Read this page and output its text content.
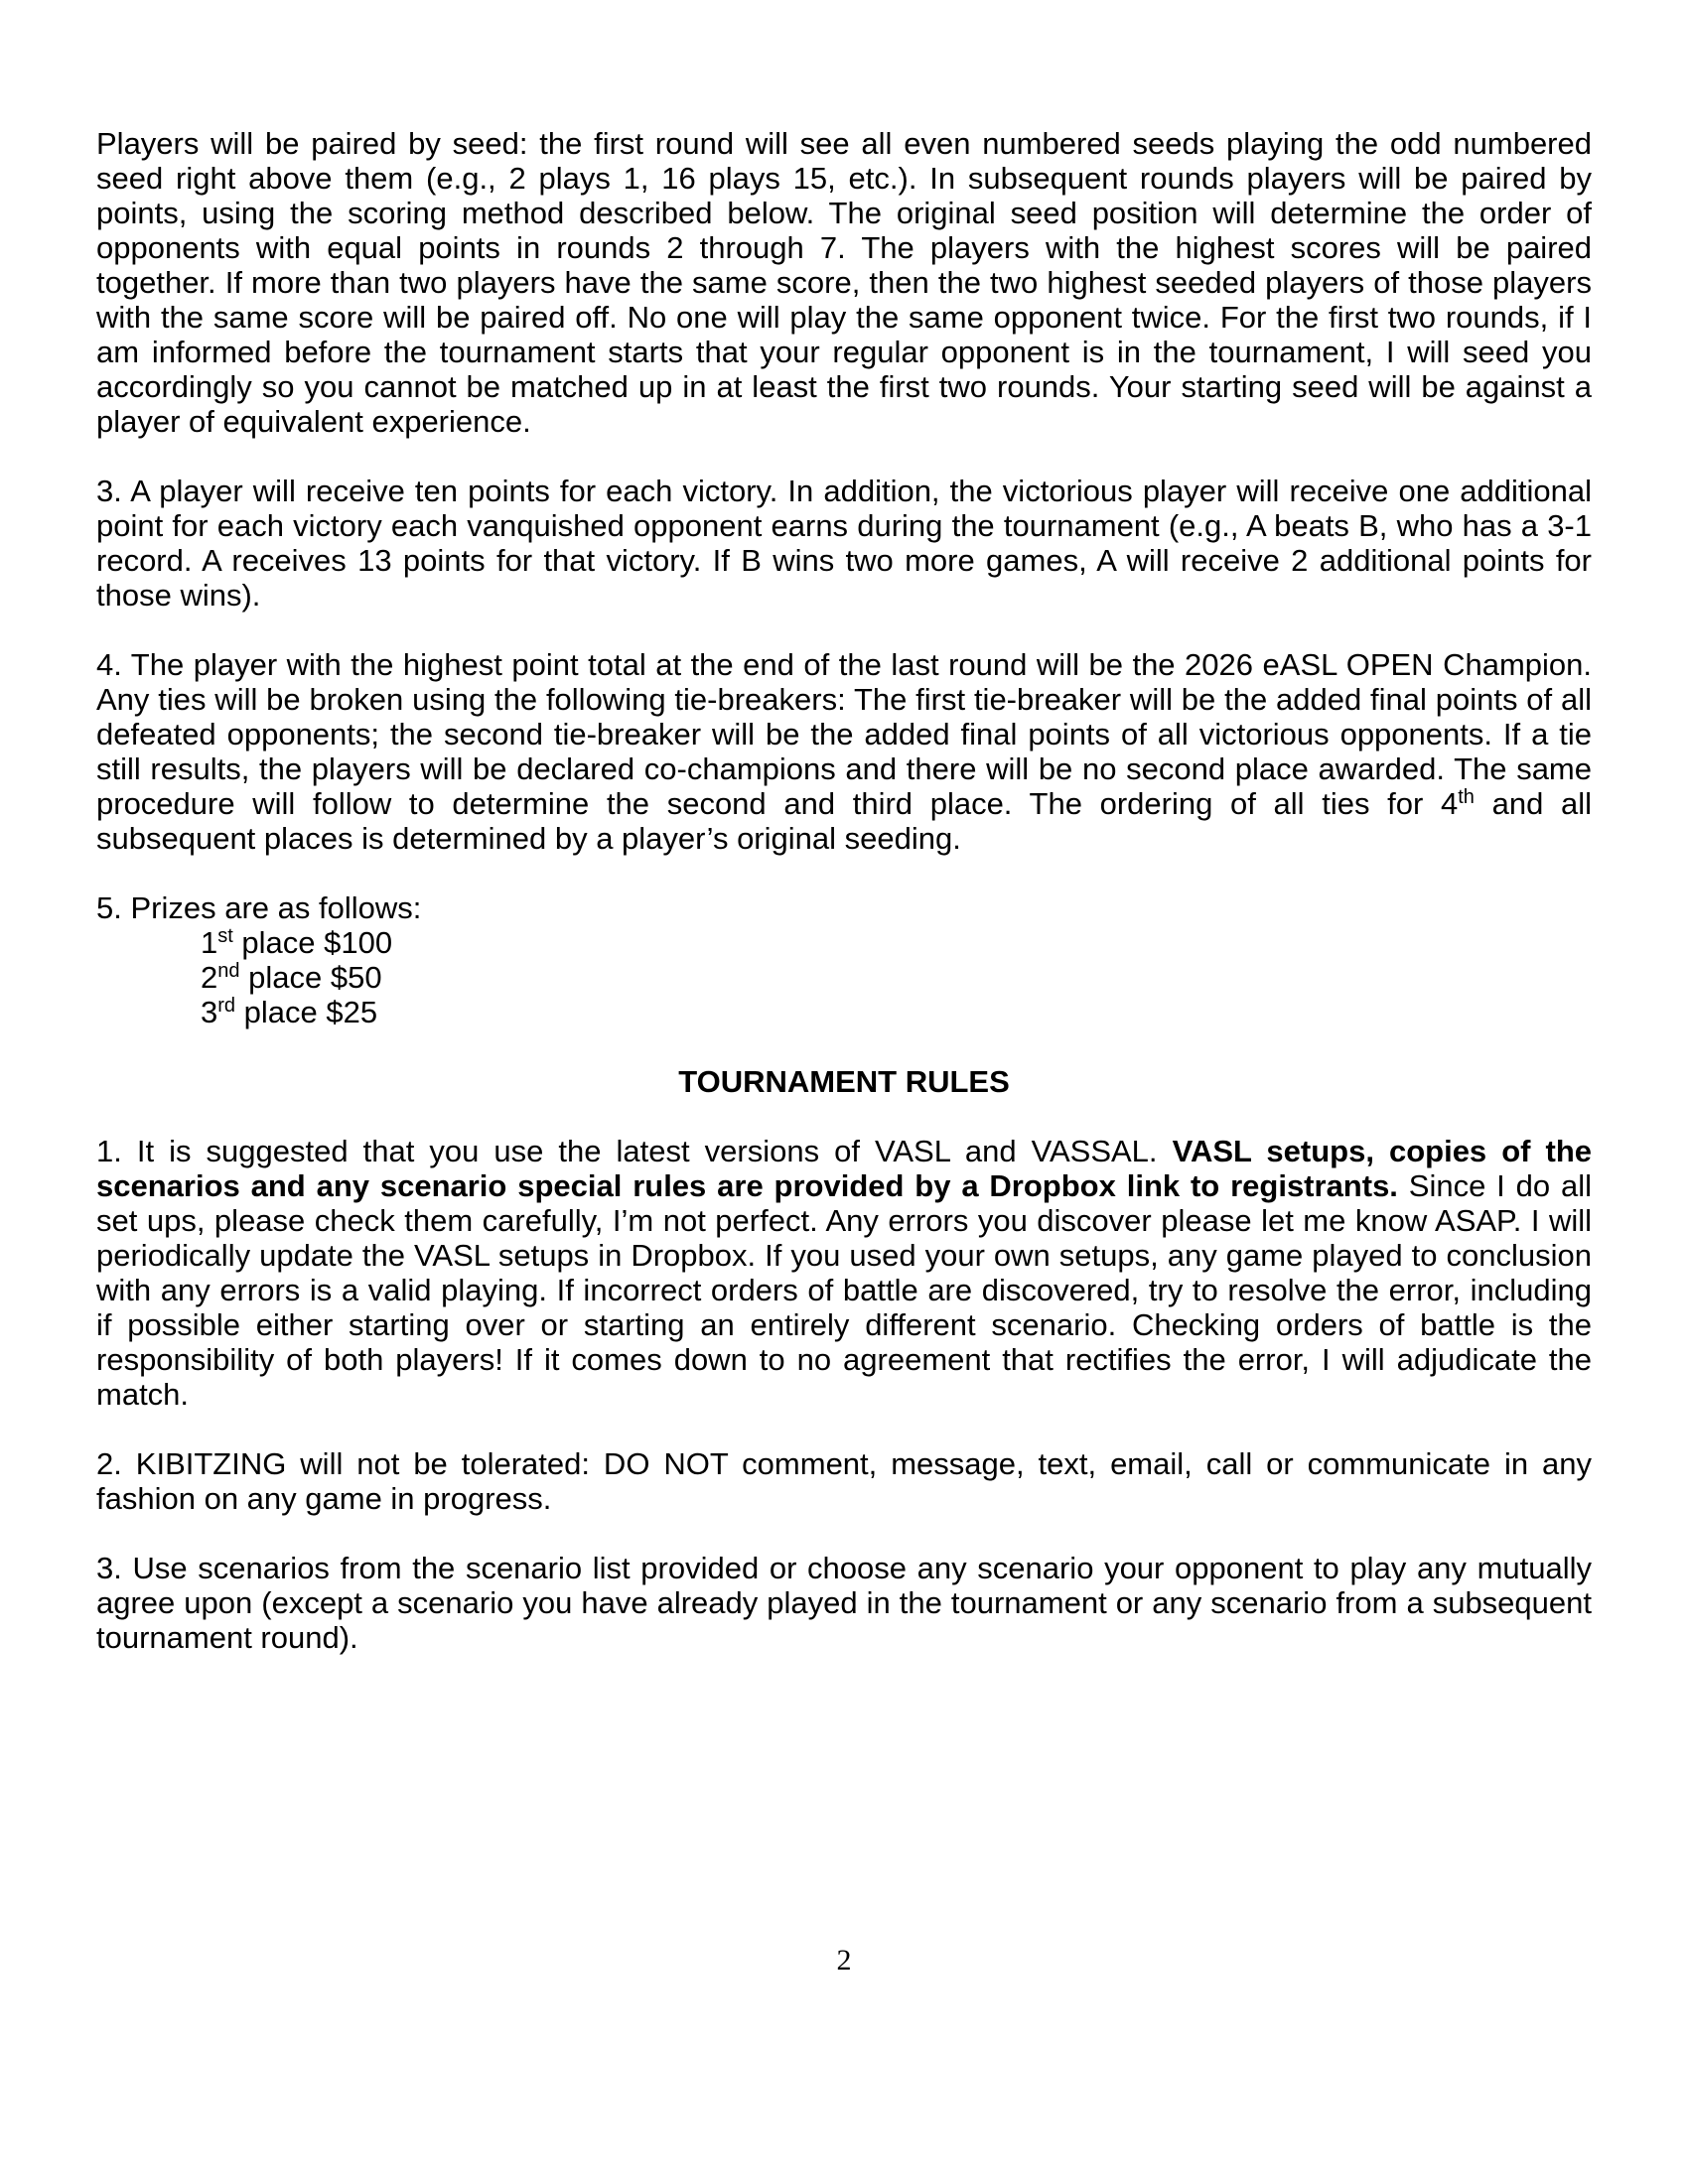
Players will be paired by seed: the first round will see all even numbered seeds playing the odd numbered seed right above them (e.g., 2 plays 1, 16 plays 15, etc.). In subsequent rounds players will be paired by points, using the scoring method described below. The original seed position will determine the order of opponents with equal points in rounds 2 through 7. The players with the highest scores will be paired together. If more than two players have the same score, then the two highest seeded players of those players with the same score will be paired off. No one will play the same opponent twice. For the first two rounds, if I am informed before the tournament starts that your regular opponent is in the tournament, I will seed you accordingly so you cannot be matched up in at least the first two rounds. Your starting seed will be against a player of equivalent experience.

3. A player will receive ten points for each victory. In addition, the victorious player will receive one additional point for each victory each vanquished opponent earns during the tournament (e.g., A beats B, who has a 3-1 record. A receives 13 points for that victory. If B wins two more games, A will receive 2 additional points for those wins).

4. The player with the highest point total at the end of the last round will be the 2026 eASL OPEN Champion. Any ties will be broken using the following tie-breakers: The first tie-breaker will be the added final points of all defeated opponents; the second tie-breaker will be the added final points of all victorious opponents. If a tie still results, the players will be declared co-champions and there will be no second place awarded. The same procedure will follow to determine the second and third place. The ordering of all ties for 4th and all subsequent places is determined by a player’s original seeding.

5. Prizes are as follows:

1st place $100
2nd place $50
3rd place $25
TOURNAMENT RULES

1. It is suggested that you use the latest versions of VASL and VASSAL. VASL setups, copies of the scenarios and any scenario special rules are provided by a Dropbox link to registrants. Since I do all set ups, please check them carefully, I’m not perfect. Any errors you discover please let me know ASAP. I will periodically update the VASL setups in Dropbox. If you used your own setups, any game played to conclusion with any errors is a valid playing. If incorrect orders of battle are discovered, try to resolve the error, including if possible either starting over or starting an entirely different scenario. Checking orders of battle is the responsibility of both players! If it comes down to no agreement that rectifies the error, I will adjudicate the match.

2. KIBITZING will not be tolerated: DO NOT comment, message, text, email, call or communicate in any fashion on any game in progress.

3. Use scenarios from the scenario list provided or choose any scenario your opponent to play any mutually agree upon (except a scenario you have already played in the tournament or any scenario from a subsequent tournament round).

2
